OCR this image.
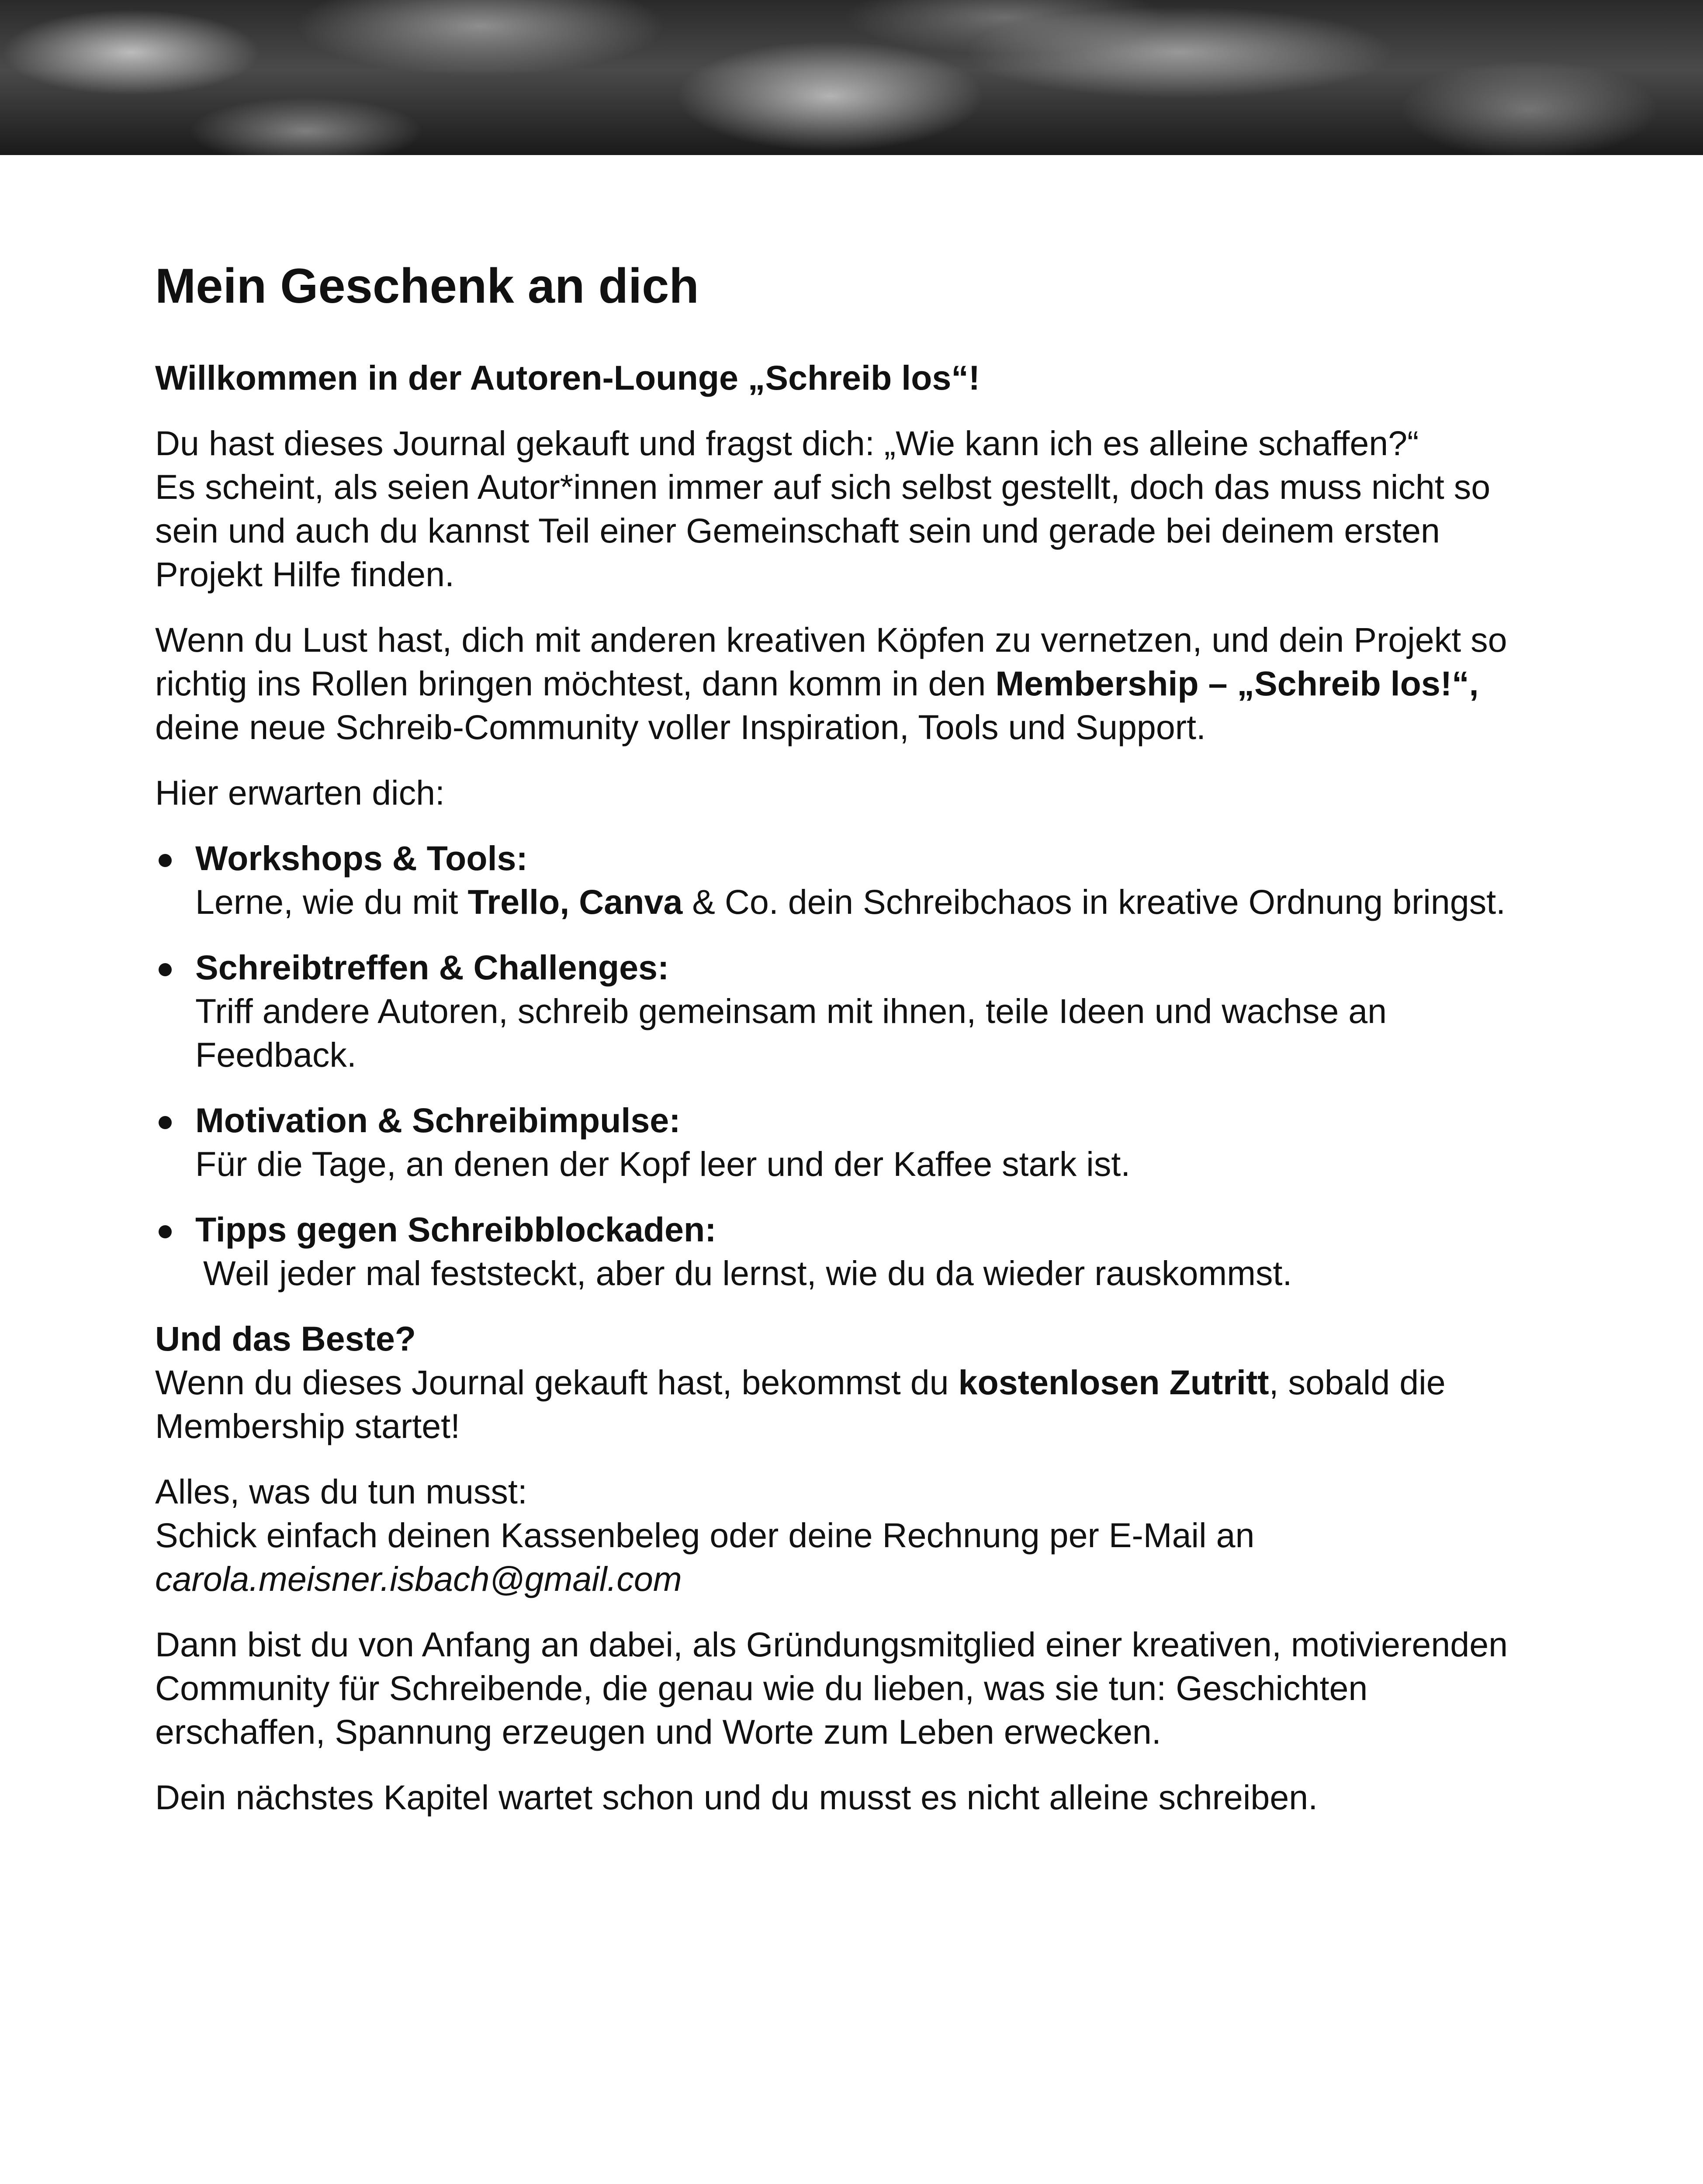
Mein Geschenk an dich

Willkommen in der Autoren-Lounge „Schreib los“!

Du hast dieses Journal gekauft und fragst dich: „Wie kann ich es alleine schaffen?“
Es scheint, als seien Autor*innen immer auf sich selbst gestellt, doch das muss nicht so
sein und auch du kannst Teil einer Gemeinschaft sein und gerade bei deinem ersten
Projekt Hilfe finden.

Wenn du Lust hast, dich mit anderen kreativen Köpfen zu vernetzen, und dein Projekt so
richtig ins Rollen bringen möchtest, dann komm in den Membership – „Schreib los!“,
deine neue Schreib-Community voller Inspiration, Tools und Support.

Hier erwarten dich:

Workshops & Tools:
Lerne, wie du mit Trello, Canva & Co. dein Schreibchaos in kreative Ordnung bringst.
Schreibtreffen & Challenges:
Triff andere Autoren, schreib gemeinsam mit ihnen, teile Ideen und wachse an
Feedback.
Motivation & Schreibimpulse:
Für die Tage, an denen der Kopf leer und der Kaffee stark ist.
Tipps gegen Schreibblockaden:
Weil jeder mal feststeckt, aber du lernst, wie du da wieder rauskommst.

Und das Beste?
Wenn du dieses Journal gekauft hast, bekommst du kostenlosen Zutritt, sobald die
Membership startet!

Alles, was du tun musst:
Schick einfach deinen Kassenbeleg oder deine Rechnung per E-Mail an
carola.meisner.isbach@gmail.com

Dann bist du von Anfang an dabei, als Gründungsmitglied einer kreativen, motivierenden
Community für Schreibende, die genau wie du lieben, was sie tun: Geschichten
erschaffen, Spannung erzeugen und Worte zum Leben erwecken.

Dein nächstes Kapitel wartet schon und du musst es nicht alleine schreiben.
